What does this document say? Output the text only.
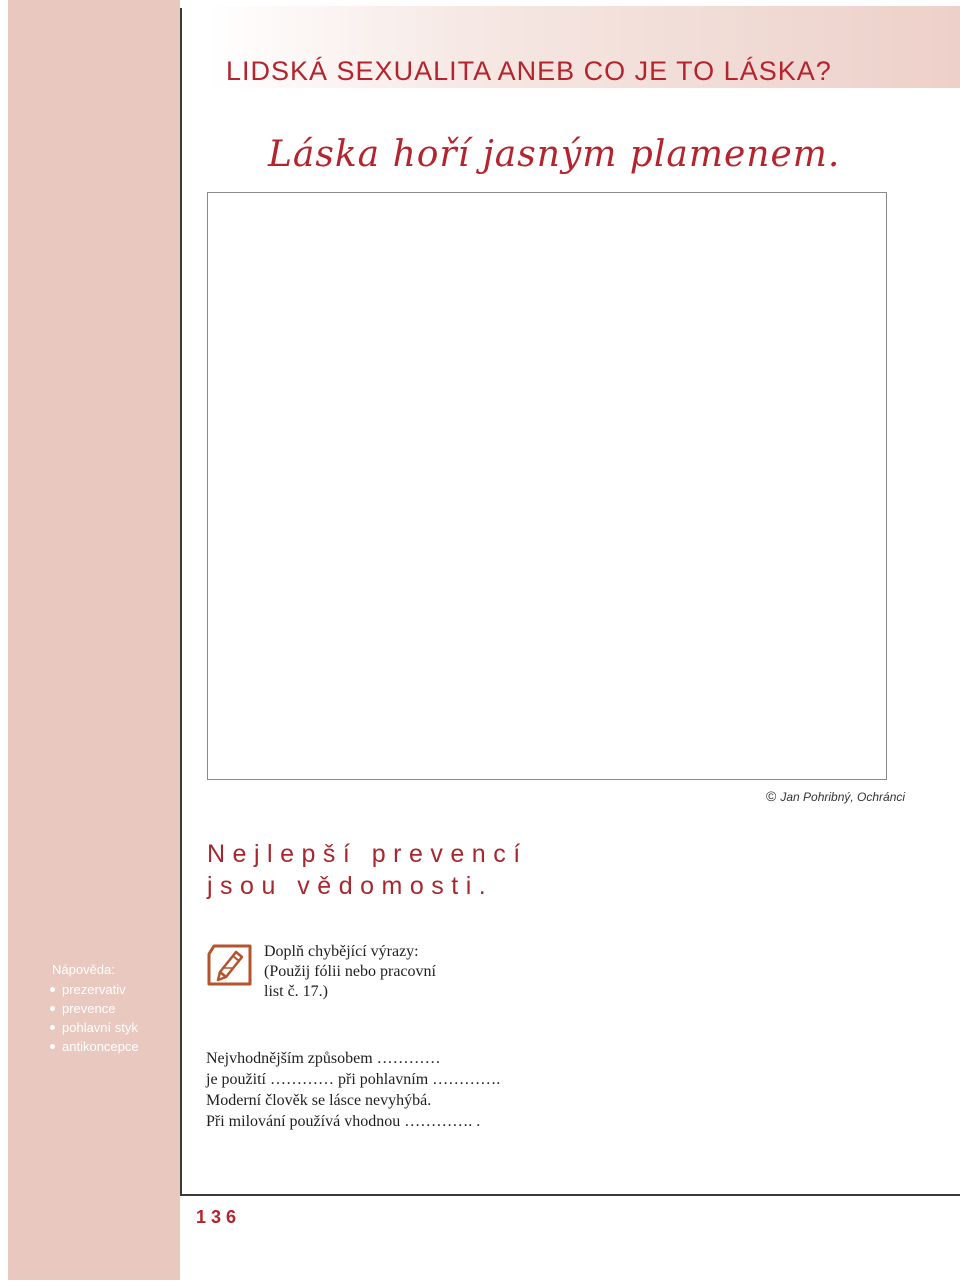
LIDSKÁ SEXUALITA ANEB CO JE TO LÁSKA?
Láska hoří jasným plamenem.
© Jan Pohribný, Ochránci
Nejlepší prevencí
jsou vědomosti.
Nápověda:
prezervativ
prevence
pohlavní styk
antikoncepce
Doplň chybějící výrazy:
(Použij fólii nebo pracovní
list č. 17.)
Nejvhodnějším způsobem …………
je použití ………… při pohlavním ………….
Moderní člověk se lásce nevyhýbá.
Při milování používá vhodnou …………. .
136
